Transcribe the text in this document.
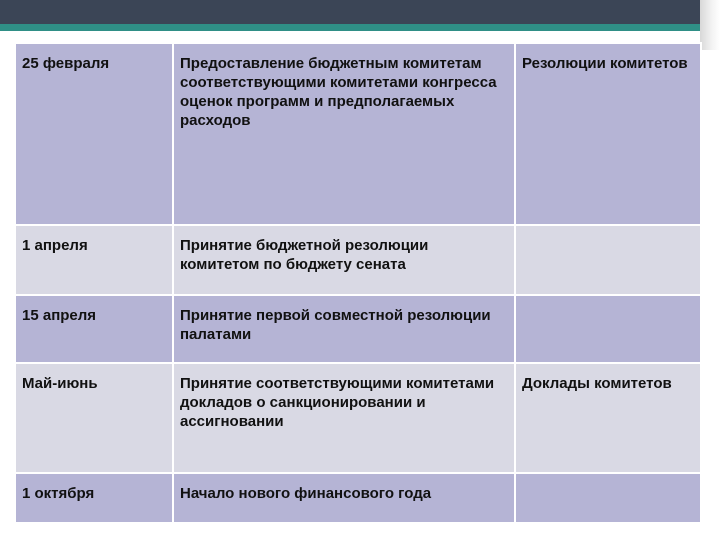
25 февраля	Предоставление бюджетным комитетам соответствующими комитетами конгресса оценок программ и предполагаемых расходов	Резолюции комитетов
1 апреля	Принятие бюджетной резолюции комитетом по бюджету сената	
15 апреля	Принятие первой совместной резолюции палатами	
Май-июнь	Принятие соответствующими комитетами докладов о санкционировании и ассигновании	Доклады комитетов
1 октября	Начало нового финансового года	
